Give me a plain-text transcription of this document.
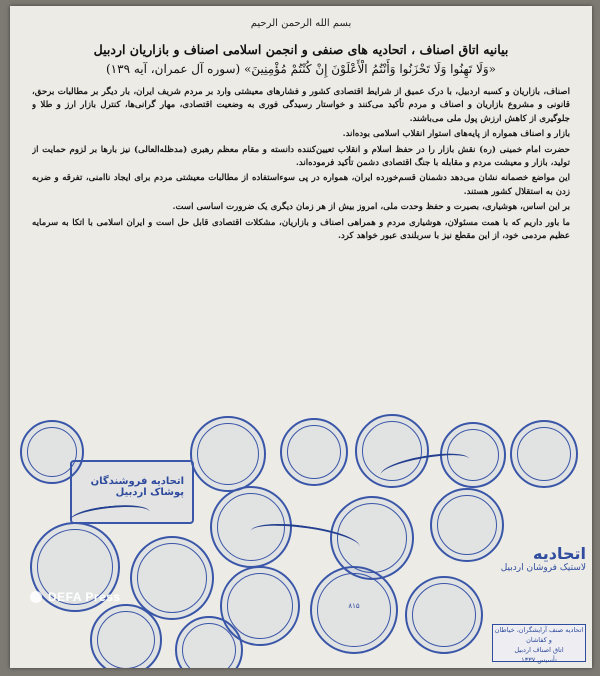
بسم الله الرحمن الرحیم
بیانیه اتاق اصناف ، اتحادیه های صنفی و انجمن اسلامی اصناف و بازاریان اردبیل
«وَلَا تَهِنُوا وَلَا تَحْزَنُوا وَأَنْتُمُ الْأَعْلَوْنَ إِنْ كُنْتُمْ مُؤْمِنِينَ» (سوره آل عمران، آیه ۱۳۹)

اصناف، بازاریان و کسبه اردبیل، با درک عمیق از شرایط اقتصادی کشور و فشارهای معیشتی وارد بر مردم شریف ایران، بار دیگر بر مطالبات برحق، قانونی و مشروع بازاریان و اصناف و مردم تأکید می‌کنند و خواستار رسیدگی فوری به وضعیت اقتصادی، مهار گرانی‌ها، کنترل بازار ارز و طلا و جلوگیری از کاهش ارزش پول ملی می‌باشند.

بازار و اصناف همواره از پایه‌های استوار انقلاب اسلامی بوده‌اند.

حضرت امام خمینی (ره) نقش بازار را در حفظ اسلام و انقلاب تعیین‌کننده دانسته و مقام معظم رهبری (مدظله‌العالی) نیز بارها بر لزوم حمایت از تولید، بازار و معیشت مردم و مقابله با جنگ اقتصادی دشمن تأکید فرموده‌اند.

این مواضع خصمانه نشان می‌دهد دشمنان قسم‌خورده ایران، همواره در پی سوءاستفاده از مطالبات معیشتی مردم برای ایجاد ناامنی، تفرقه و ضربه زدن به استقلال کشور هستند.

بر این اساس، هوشیاری، بصیرت و حفظ وحدت ملی، امروز بیش از هر زمان دیگری یک ضرورت اساسی است.

ما باور داریم که با همت مسئولان، هوشیاری مردم و همراهی اصناف و بازاریان، مشکلات اقتصادی قابل حل است و ایران اسلامی با اتکا به سرمایه عظیم مردمی خود، از این مقطع نیز با سربلندی عبور خواهد کرد.

اتحادیه فروشندگان پوشاک اردبیل
۸۱۵
اتحادیه
لاستیک فروشان اردبیل
اتحادیه صنف آرایشگران، خیاطان و کفاشان
اتاق اصناف اردبیل
تأسیس ۱۳۳۷
DEFA Press
